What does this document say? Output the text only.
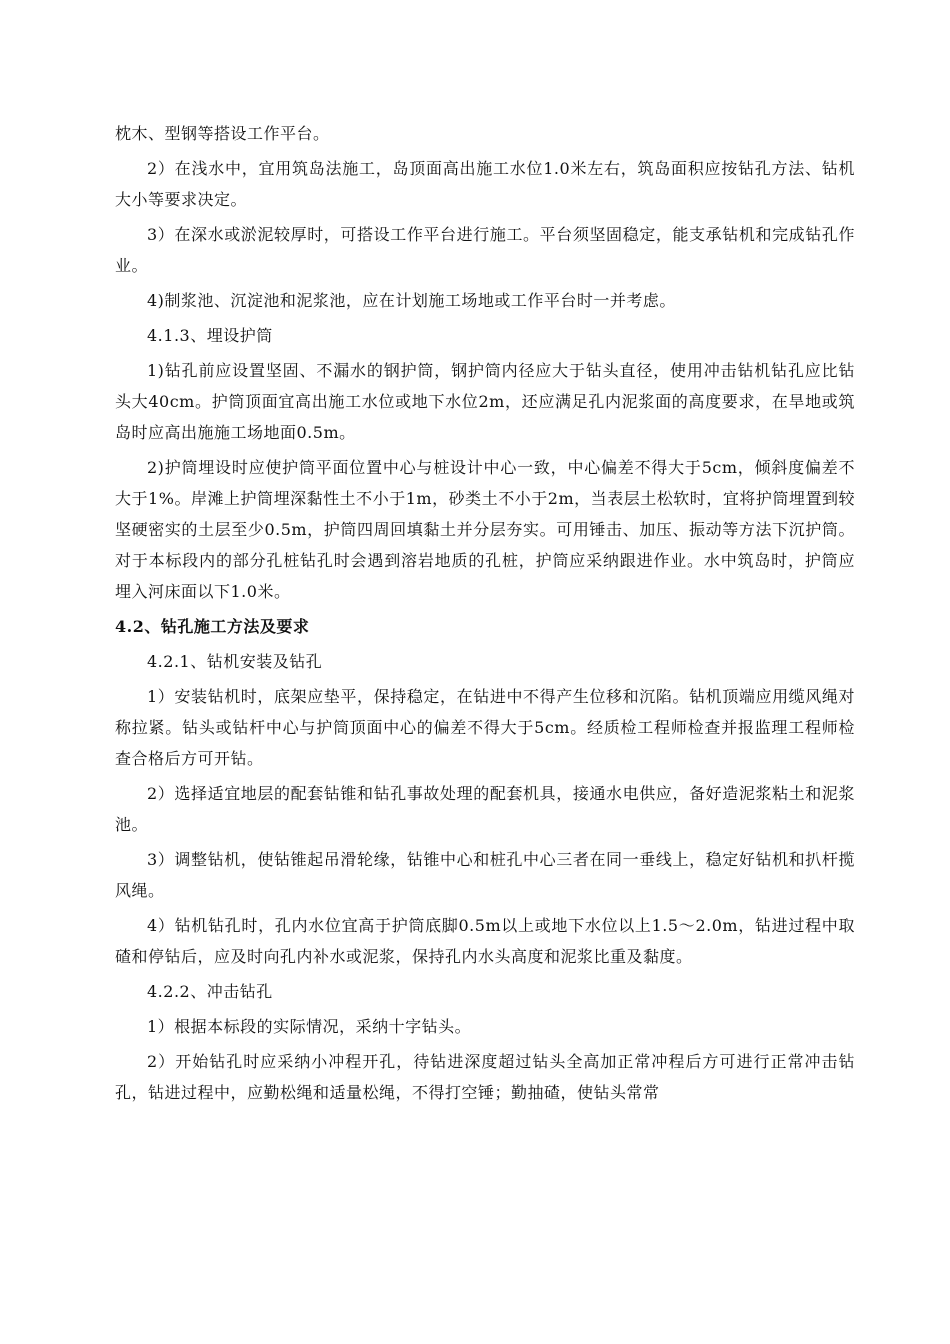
枕木、型钢等搭设工作平台。

2）在浅水中，宜用筑岛法施工，岛顶面高出施工水位1.0米左右，筑岛面积应按钻孔方法、钻机大小等要求决定。

3）在深水或淤泥较厚时，可搭设工作平台进行施工。平台须坚固稳定，能支承钻机和完成钻孔作业。

4)制浆池、沉淀池和泥浆池，应在计划施工场地或工作平台时一并考虑。

4.1.3、埋设护筒

1)钻孔前应设置坚固、不漏水的钢护筒，钢护筒内径应大于钻头直径，使用冲击钻机钻孔应比钻头大40cm。护筒顶面宜高出施工水位或地下水位2m，还应满足孔内泥浆面的高度要求，在旱地或筑岛时应高出施施工场地面0.5m。

2)护筒埋设时应使护筒平面位置中心与桩设计中心一致，中心偏差不得大于5cm，倾斜度偏差不大于1%。岸滩上护筒埋深黏性土不小于1m，砂类土不小于2m，当表层土松软时，宜将护筒埋置到较坚硬密实的土层至少0.5m，护筒四周回填黏土并分层夯实。可用锤击、加压、振动等方法下沉护筒。对于本标段内的部分孔桩钻孔时会遇到溶岩地质的孔桩，护筒应采纳跟进作业。水中筑岛时，护筒应埋入河床面以下1.0米。

4.2、钻孔施工方法及要求

4.2.1、钻机安装及钻孔

1）安装钻机时，底架应垫平，保持稳定，在钻进中不得产生位移和沉陷。钻机顶端应用缆风绳对称拉紧。钻头或钻杆中心与护筒顶面中心的偏差不得大于5cm。经质检工程师检查并报监理工程师检查合格后方可开钻。

2）选择适宜地层的配套钻锥和钻孔事故处理的配套机具，接通水电供应，备好造泥浆粘土和泥浆池。

3）调整钻机，使钻锥起吊滑轮缘，钻锥中心和桩孔中心三者在同一垂线上，稳定好钻机和扒杆揽风绳。

4）钻机钻孔时，孔内水位宜高于护筒底脚0.5m以上或地下水位以上1.5～2.0m，钻进过程中取碴和停钻后，应及时向孔内补水或泥浆，保持孔内水头高度和泥浆比重及黏度。

4.2.2、冲击钻孔

1）根据本标段的实际情况，采纳十字钻头。

2）开始钻孔时应采纳小冲程开孔，待钻进深度超过钻头全高加正常冲程后方可进行正常冲击钻孔，钻进过程中，应勤松绳和适量松绳，不得打空锤；勤抽碴，使钻头常常
